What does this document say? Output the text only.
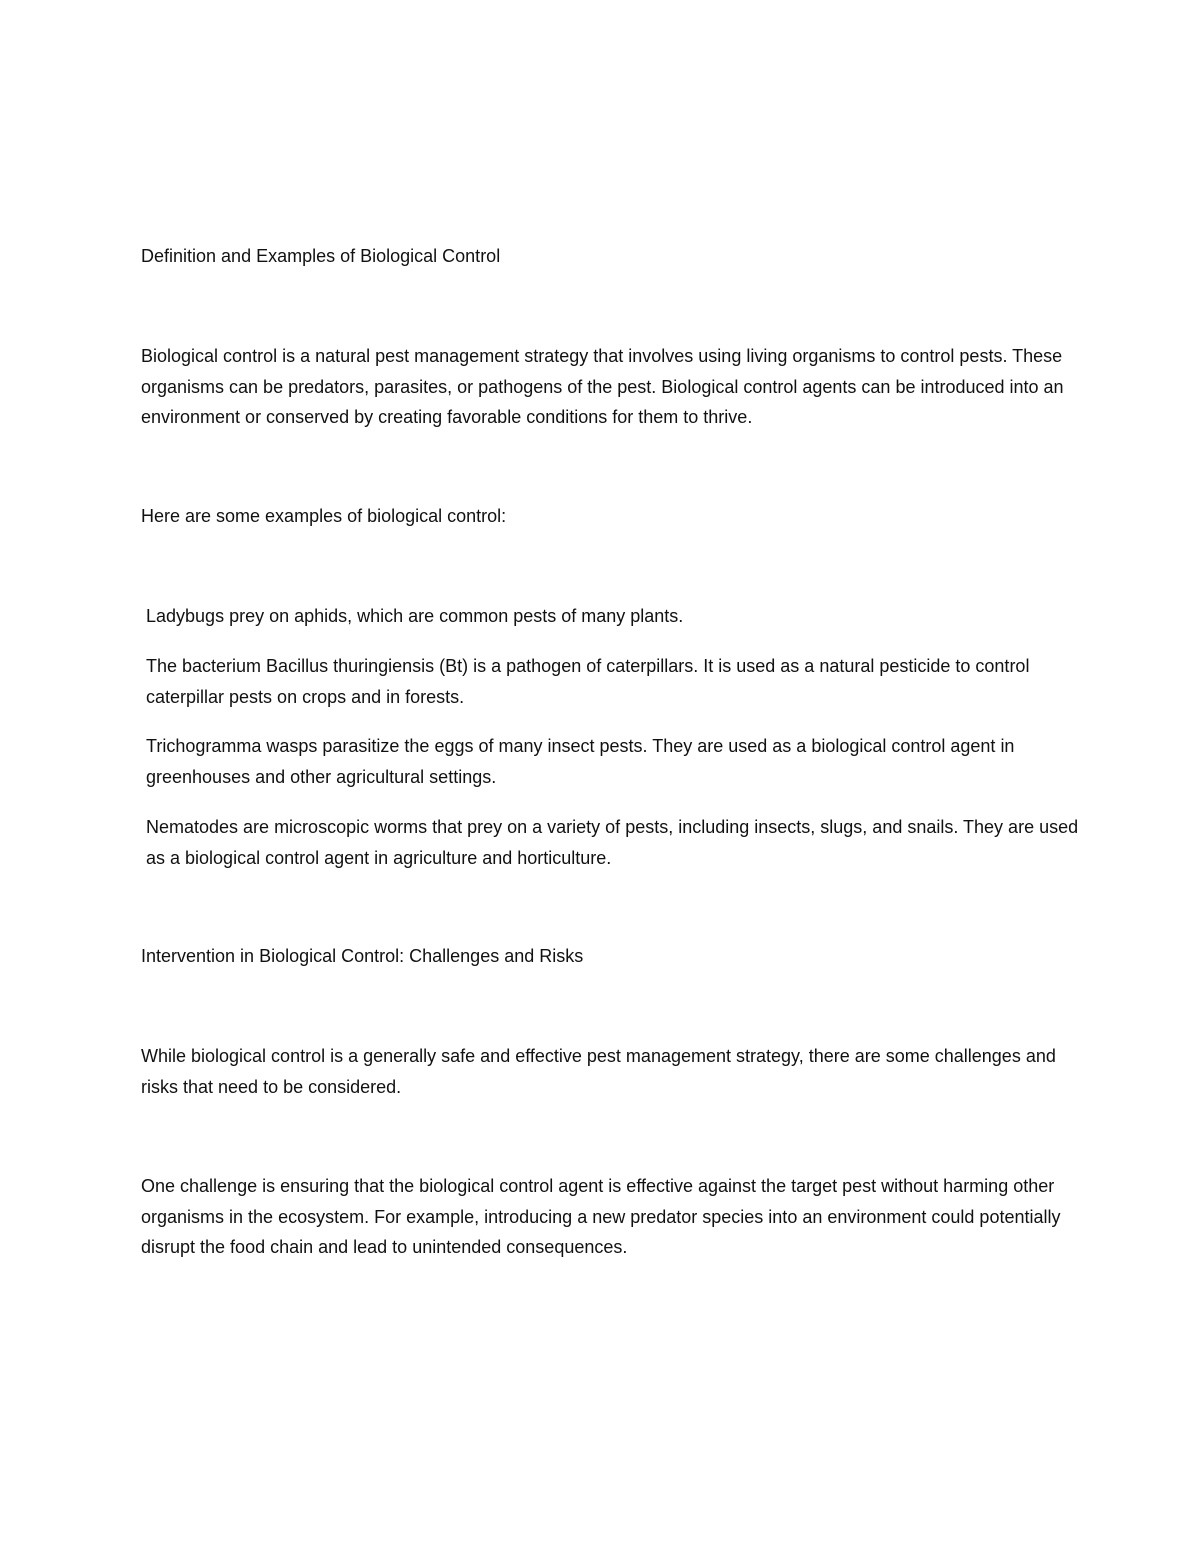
Definition and Examples of Biological Control

Biological control is a natural pest management strategy that involves using living organisms to control pests. These organisms can be predators, parasites, or pathogens of the pest. Biological control agents can be introduced into an environment or conserved by creating favorable conditions for them to thrive.

Here are some examples of biological control:

Ladybugs prey on aphids, which are common pests of many plants.

The bacterium Bacillus thuringiensis (Bt) is a pathogen of caterpillars. It is used as a natural pesticide to control caterpillar pests on crops and in forests.

Trichogramma wasps parasitize the eggs of many insect pests. They are used as a biological control agent in greenhouses and other agricultural settings.

Nematodes are microscopic worms that prey on a variety of pests, including insects, slugs, and snails. They are used as a biological control agent in agriculture and horticulture.

Intervention in Biological Control: Challenges and Risks

While biological control is a generally safe and effective pest management strategy, there are some challenges and risks that need to be considered.

One challenge is ensuring that the biological control agent is effective against the target pest without harming other organisms in the ecosystem. For example, introducing a new predator species into an environment could potentially disrupt the food chain and lead to unintended consequences.
